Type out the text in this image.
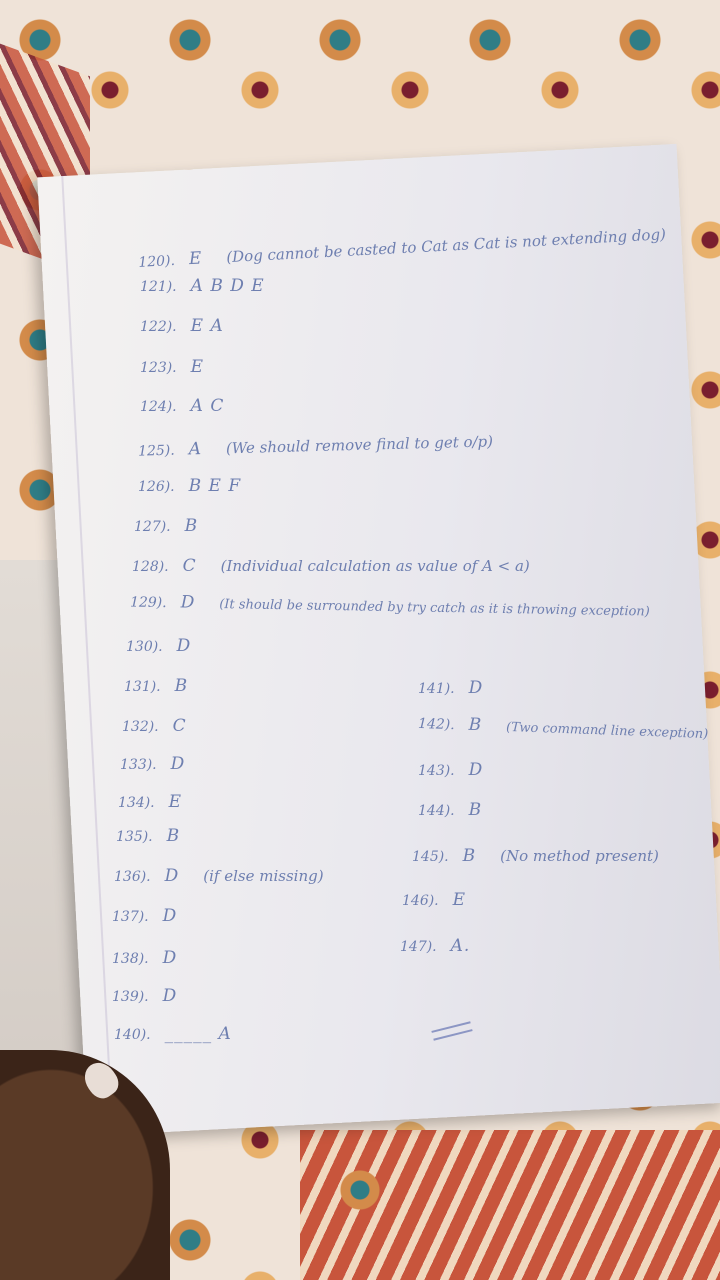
120). E (Dog cannot be casted to Cat as Cat is not extending dog)
121). A B D E
122). E A
123). E
124). A C
125). A (We should remove final to get o/p)
126). B E F
127). B
128). C (Individual calculation as value of A < a)
129). D (It should be surrounded by try catch as it is throwing exception)
130). D
131). B
132). C
133). D
134). E
135). B
136). D (if else missing)
137). D
138). D
139). D
140). _____ A
141). D
142). B (Two command line exception)
143). D
144). B
145). B (No method present)
146). E
147). A.
